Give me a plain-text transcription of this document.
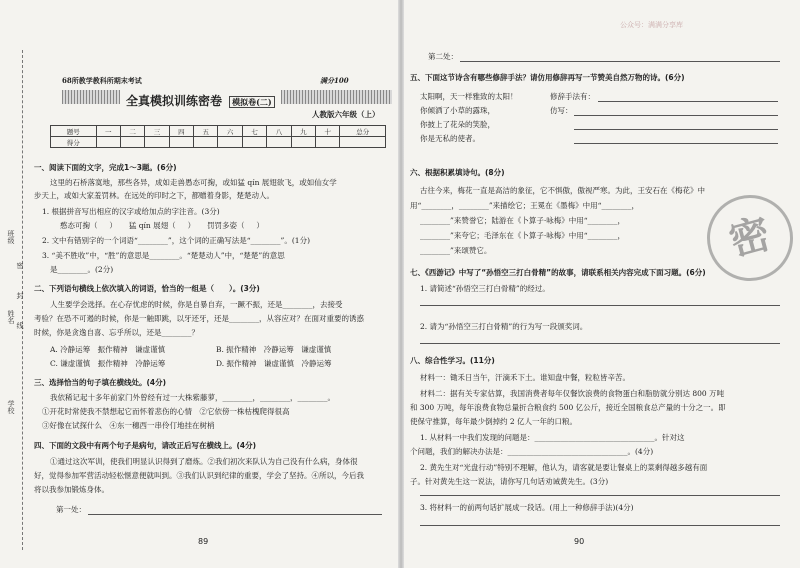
公众号：满满分享库
班级
姓名
学校
密
封
线
68所教学教科所期末考试	满分100
全真模拟训练密卷 模拟卷(二)
人教版六年级（上）
题号	一	二	三	四	五	六	七	八	九	十	总分
得分											
一、阅读下面的文字，完成1～3题。(6分)
这里的石桥落寞地，那些各异，成如走兽愚态可掬，或如猛 qín 展翅欲飞，或如仙女学
步天上，或如大家羞罚林。在远处的印时之下，都赠着身影，楚楚动人。
1. 根据拼音写出相应的汉字或给加点的字注音。(3分)
憨态可掬（ ） 猛 qín 展翅（ ） 罚罚多姿（ ）
2. 文中有错别字的一个词语“________”，这个词的正确写法是“________”。(1分)
3. “美不胜收”中，“胜”的意思是________。“楚楚动人”中，“楚楚”的意思
是________。(2分)
二、下列语句横线上依次填入的词语，恰当的一组是（　　）。(3分)
人生要学会选择。在心存忧虑的时候，你是自暴自弃，一蹶不振，还是________，去接受
考验？在恐不可遏的时候，你是一触即跳，以牙还牙，还是________，从容应对？在面对重要的诱惑
时候，你是贪逸自喜、忘乎所以，还是________？
A. 冷静运筹　振作精神　谦虚谨慎	B. 振作精神　冷静运筹　谦虚谨慎
C. 谦虚谨慎　振作精神　冷静运筹	D. 振作精神　谦虚谨慎　冷静运筹
三、选择恰当的句子填在横线处。(4分)
我依稀记起十多年前家门外曾经有过一大株紫藤萝，________，________，________。
①开花时常使我不禁想起它而怀着悲伤的心情　②它依傍一株枯槐爬得很高
③好像在试探什么　④东一穗西一串伶仃地挂在树梢
四、下面的文段中有两个句子是病句，请改正后写在横线上。(4分)
①通过这次军训，使我们明显认识得到了磨炼。②我们初次来队认为自己没有什么病，身体很
好，觉得参加军营活动轻松惬意便就叫到。③我们认识到纪律的重要，学会了坚持。④所以，今后我
将以我参加锻炼身体。
第一处：
89
第二处：
五、下面这节诗含有哪些修辞手法？请仿用修辞再写一节赞美自然万物的诗。(6分)
太阳啊，天一样雅致的太阳！
你倾洒了小草的露珠，
你披上了花朵的笑脸，
你是无私的使者。
修辞手法有：
仿写：
六、根据积累填诗句。(8分)
古往今来，梅花一直是高洁的象征，它不惧傲，傲视严寒。为此，王安石在《梅花》中
用“________，________”来描绘它；王冕在《墨梅》中用“________，
________”来赞誉它；陆游在《卜算子·咏梅》中用“________，
________”来夸它；毛泽东在《卜算子·咏梅》中用“________，
________”来颂赞它。	密
七、《西游记》中写了“孙悟空三打白骨精”的故事，请联系相关内容完成下面习题。(6分)
1. 请简述“孙悟空三打白骨精”的经过。
2. 请为“孙悟空三打白骨精”的行为写一段颁奖词。
八、综合性学习。(11分)
材料一：锄禾日当午，汗滴禾下土。谁知盘中餐，粒粒皆辛苦。
材料二：据有关专家估算，我国消费者每年仅餐饮浪费的食物蛋白和脂肪就分别达 800 万吨
和 300 万吨，每年浪费食物总量折合粮食约 500 亿公斤，接近全国粮食总产量的十分之一。即
使保守推算，每年最少倒掉约 2 亿人一年的口粮。
1. 从材料一中我们发现的问题是：________________________________。针对这
个问题，我们的解决办法是：________________________________。(4分)
2. 黄先生对“光盘行动”特别不理解，他认为，请客就是要让餐桌上的菜剩得越多越有面
子。针对黄先生这一说法，请你写几句话劝诫黄先生。(3分)
3. 将材料一的前两句话扩展成一段话。(用上一种修辞手法)(4分)
90
